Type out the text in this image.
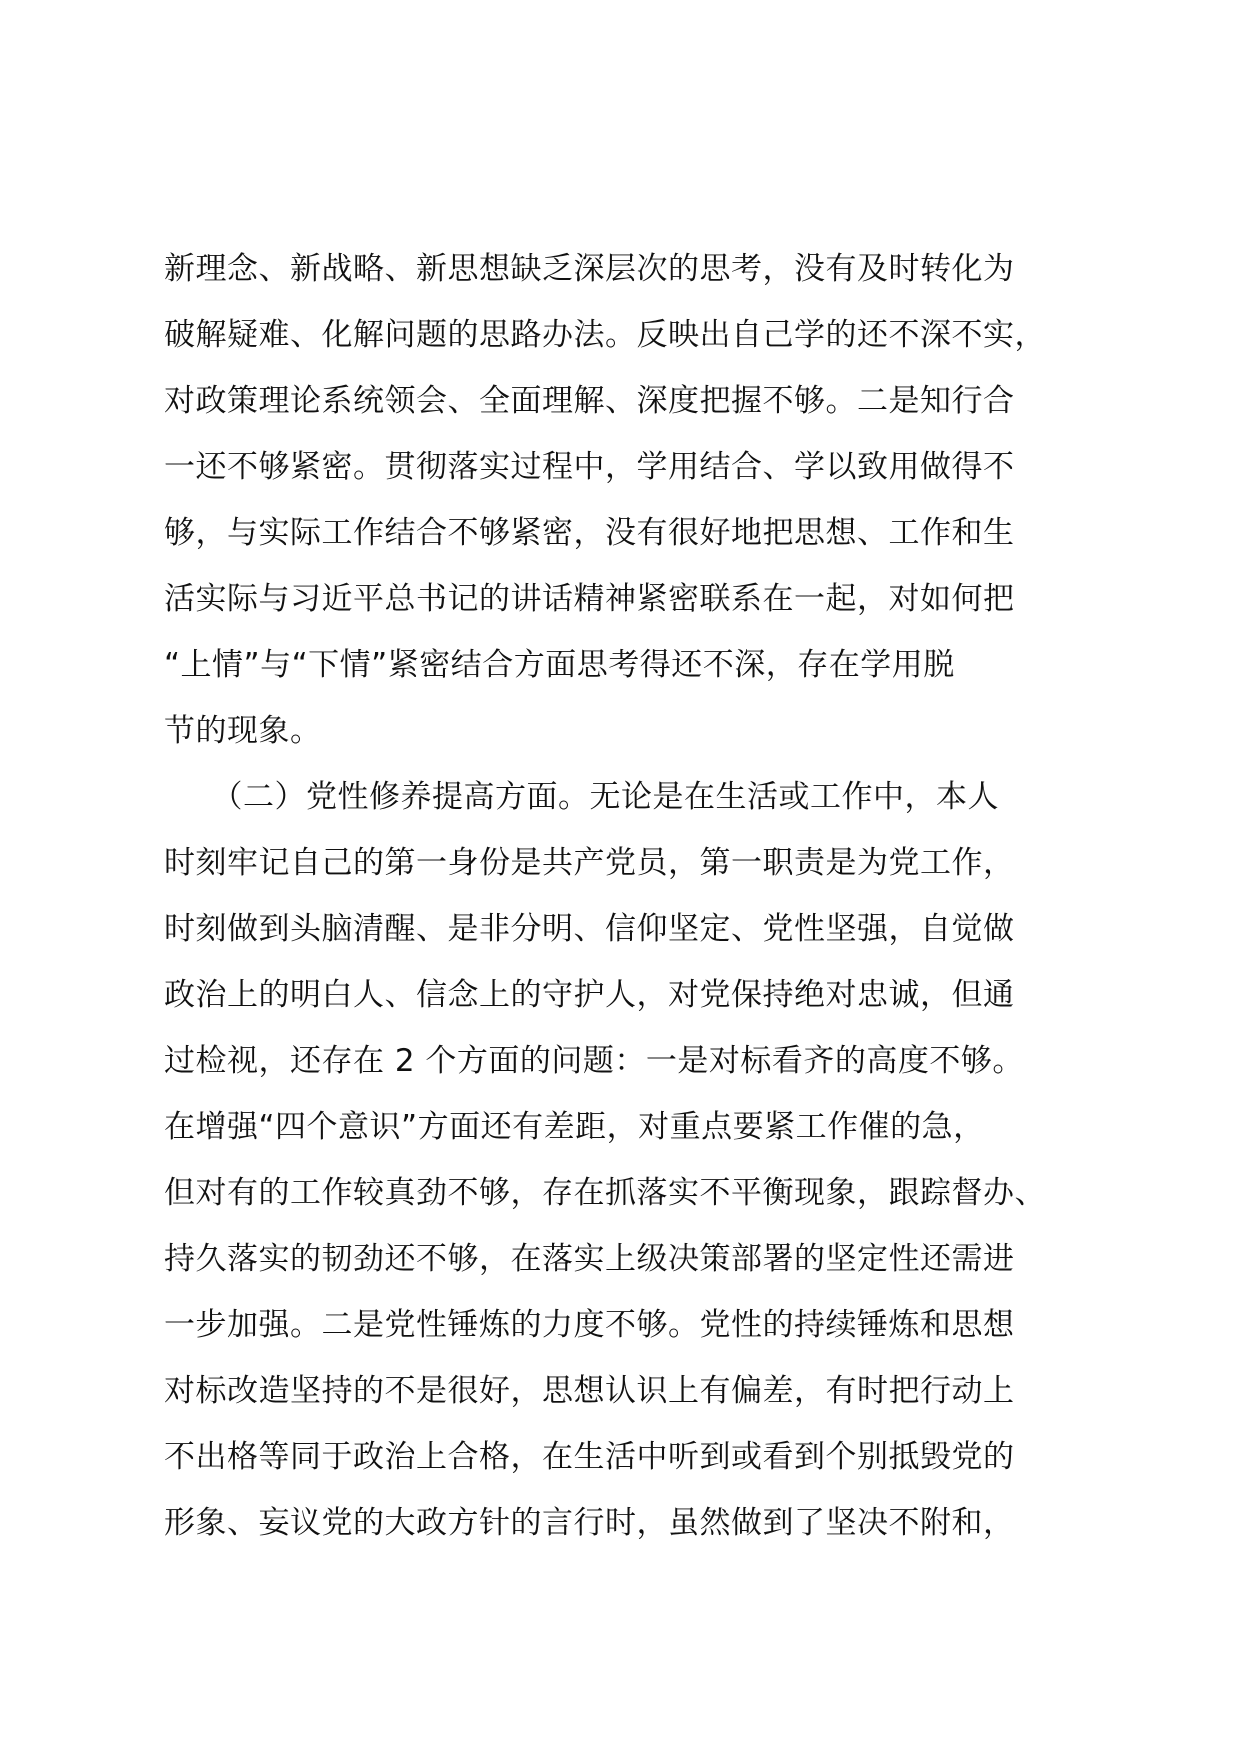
新理念、新战略、新思想缺乏深层次的思考，没有及时转化为
破解疑难、化解问题的思路办法。反映出自己学的还不深不实，
对政策理论系统领会、全面理解、深度把握不够。二是知行合
一还不够紧密。贯彻落实过程中，学用结合、学以致用做得不
够，与实际工作结合不够紧密，没有很好地把思想、工作和生
活实际与习近平总书记的讲话精神紧密联系在一起，对如何把
“上情”与“下情”紧密结合方面思考得还不深，存在学用脱
节的现象。
　　（二）党性修养提高方面。无论是在生活或工作中，本人
时刻牢记自己的第一身份是共产党员，第一职责是为党工作，
时刻做到头脑清醒、是非分明、信仰坚定、党性坚强，自觉做
政治上的明白人、信念上的守护人，对党保持绝对忠诚，但通
过检视，还存在 2 个方面的问题：一是对标看齐的高度不够。
在增强“四个意识”方面还有差距，对重点要紧工作催的急，
但对有的工作较真劲不够，存在抓落实不平衡现象，跟踪督办、
持久落实的韧劲还不够，在落实上级决策部署的坚定性还需进
一步加强。二是党性锤炼的力度不够。党性的持续锤炼和思想
对标改造坚持的不是很好，思想认识上有偏差，有时把行动上
不出格等同于政治上合格，在生活中听到或看到个别抵毁党的
形象、妄议党的大政方针的言行时，虽然做到了坚决不附和，
